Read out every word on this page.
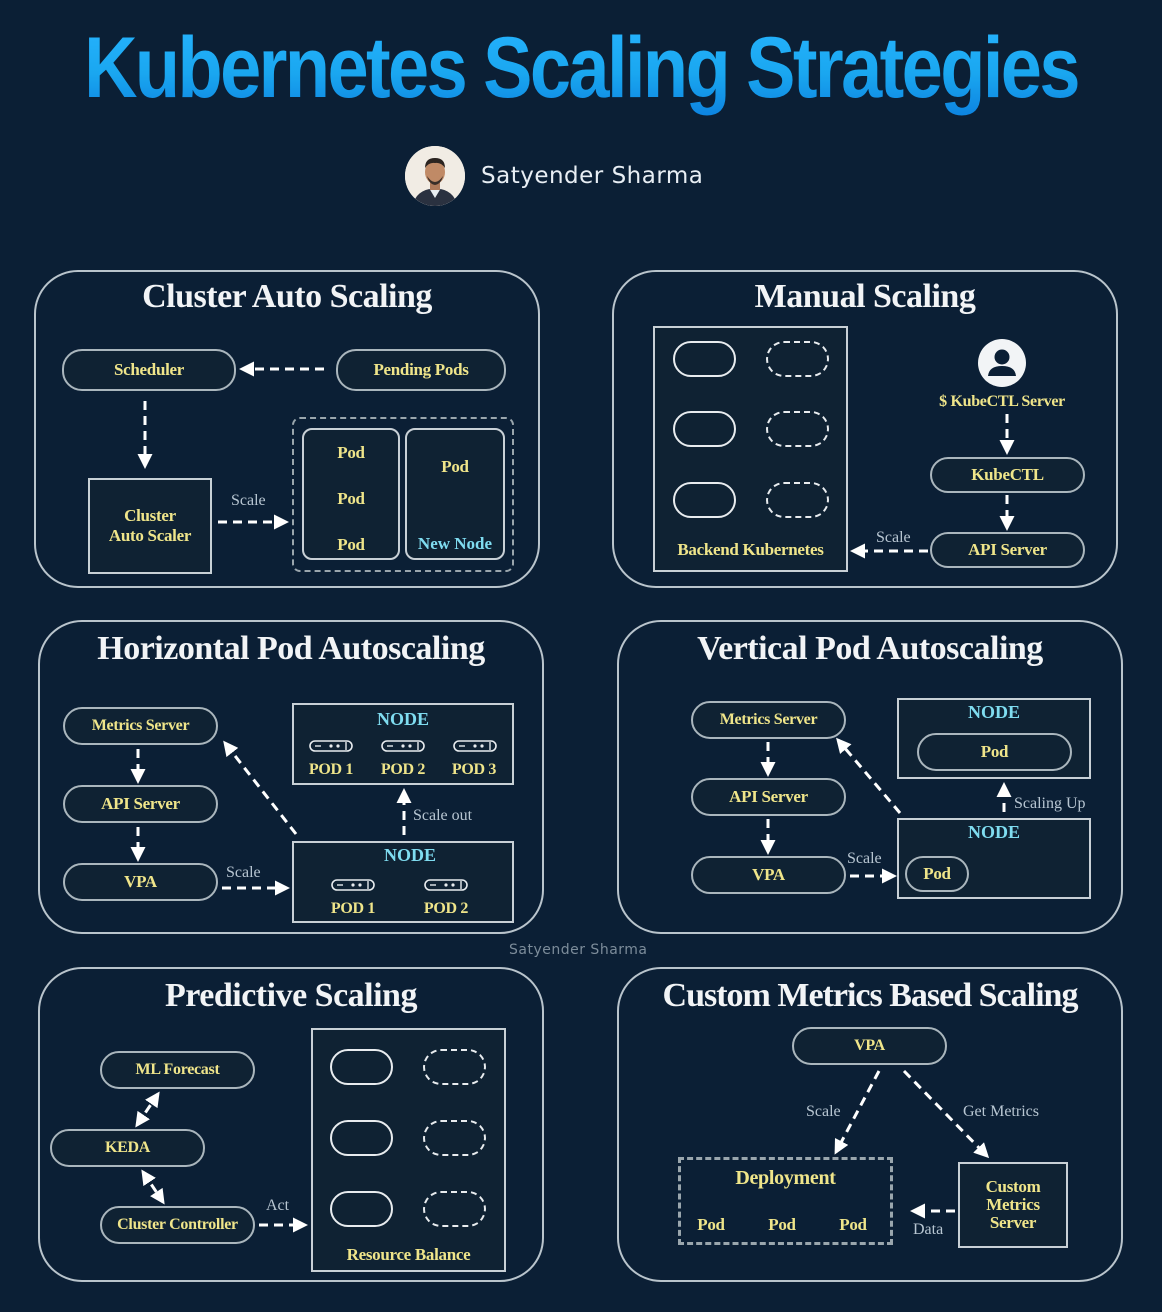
Kubernetes Scaling Strategies
Satyender Sharma
Cluster Auto Scaling
Scheduler	Pending Pods
Cluster
Auto Scaler
Scale
Pod
Pod
Pod
Pod
New Node
Manual Scaling
Backend Kubernetes
$ KubeCTL Server
KubeCTL
API Server
Scale
Horizontal Pod Autoscaling
Metrics Server
API Server
VPA	Scale
Scale out
NODE
POD 1	POD 2	POD 3
NODE
POD 1	POD 2
Vertical Pod Autoscaling
Metrics Server
API Server
VPA
Scale
Scaling Up
NODE
Pod
NODE
Pod
Satyender Sharma
Predictive Scaling
ML Forecast
KEDA
Cluster Controller
Act
Resource Balance
Custom Metrics Based Scaling
VPA
Scale	Get Metrics
Deployment
Pod	Pod	Pod	Data
Custom
Metrics
Server
